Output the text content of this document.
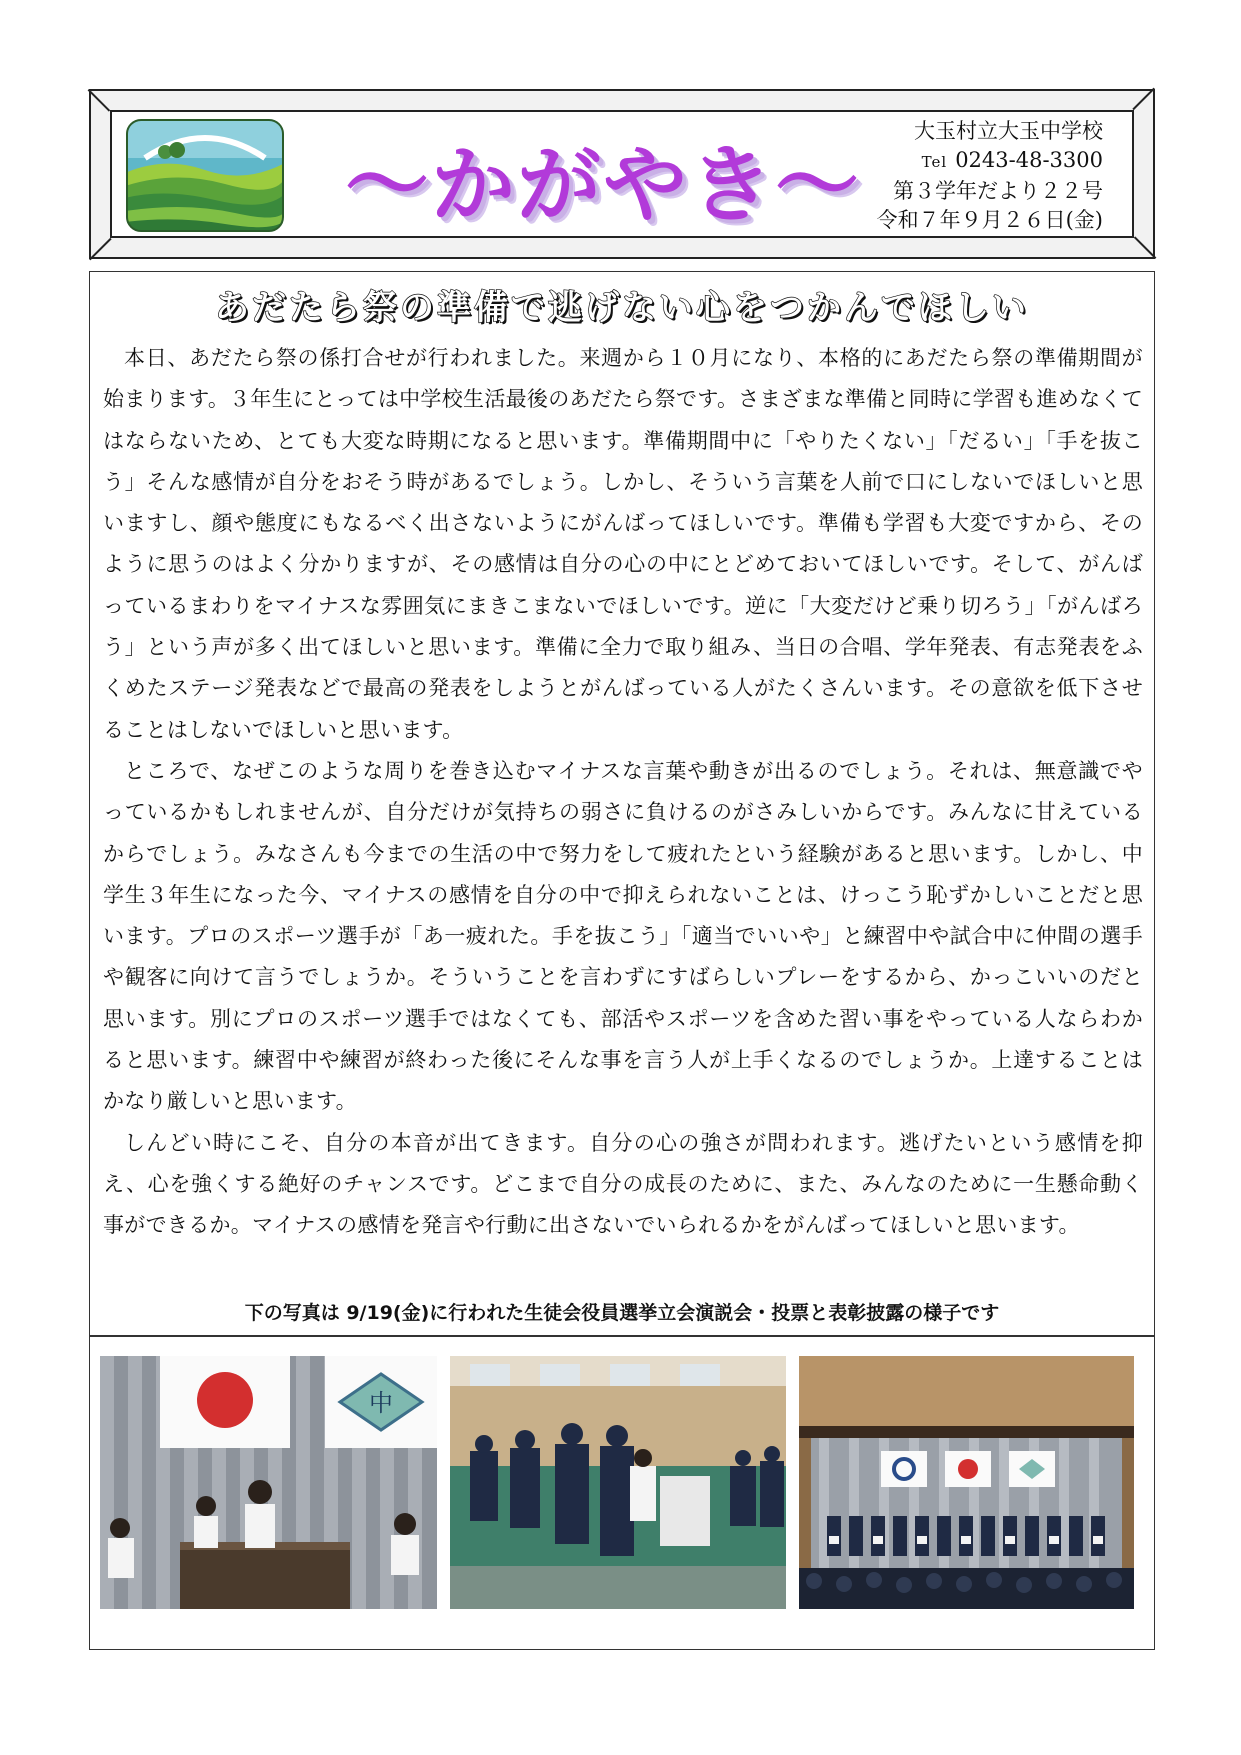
〜かがやき〜
大玉村立大玉中学校
Tel 0243-48-3300
第３学年だより２２号
令和７年９月２６日(金)
あだたら祭の準備で逃げない心をつかんでほしい

本日、あだたら祭の係打合せが行われました。来週から１０月になり、本格的にあだたら祭の準備期間が始まります。３年生にとっては中学校生活最後のあだたら祭です。さまざまな準備と同時に学習も進めなくてはならないため、とても大変な時期になると思います。準備期間中に「やりたくない」「だるい」「手を抜こう」そんな感情が自分をおそう時があるでしょう。しかし、そういう言葉を人前で口にしないでほしいと思いますし、顔や態度にもなるべく出さないようにがんばってほしいです。準備も学習も大変ですから、そのように思うのはよく分かりますが、その感情は自分の心の中にとどめておいてほしいです。そして、がんばっているまわりをマイナスな雰囲気にまきこまないでほしいです。逆に「大変だけど乗り切ろう」「がんばろう」という声が多く出てほしいと思います。準備に全力で取り組み、当日の合唱、学年発表、有志発表をふくめたステージ発表などで最高の発表をしようとがんばっている人がたくさんいます。その意欲を低下させることはしないでほしいと思います。

ところで、なぜこのような周りを巻き込むマイナスな言葉や動きが出るのでしょう。それは、無意識でやっているかもしれませんが、自分だけが気持ちの弱さに負けるのがさみしいからです。みんなに甘えているからでしょう。みなさんも今までの生活の中で努力をして疲れたという経験があると思います。しかし、中学生３年生になった今、マイナスの感情を自分の中で抑えられないことは、けっこう恥ずかしいことだと思います。プロのスポーツ選手が「あ一疲れた。手を抜こう」「適当でいいや」と練習中や試合中に仲間の選手や観客に向けて言うでしょうか。そういうことを言わずにすばらしいプレーをするから、かっこいいのだと思います。別にプロのスポーツ選手ではなくても、部活やスポーツを含めた習い事をやっている人ならわかると思います。練習中や練習が終わった後にそんな事を言う人が上手くなるのでしょうか。上達することはかなり厳しいと思います。

しんどい時にこそ、自分の本音が出てきます。自分の心の強さが問われます。逃げたいという感情を抑え、心を強くする絶好のチャンスです。どこまで自分の成長のために、また、みんなのために一生懸命動く事ができるか。マイナスの感情を発言や行動に出さないでいられるかをがんばってほしいと思います。

下の写真は 9/19(金)に行われた生徒会役員選挙立会演説会・投票と表彰披露の様子です
中
